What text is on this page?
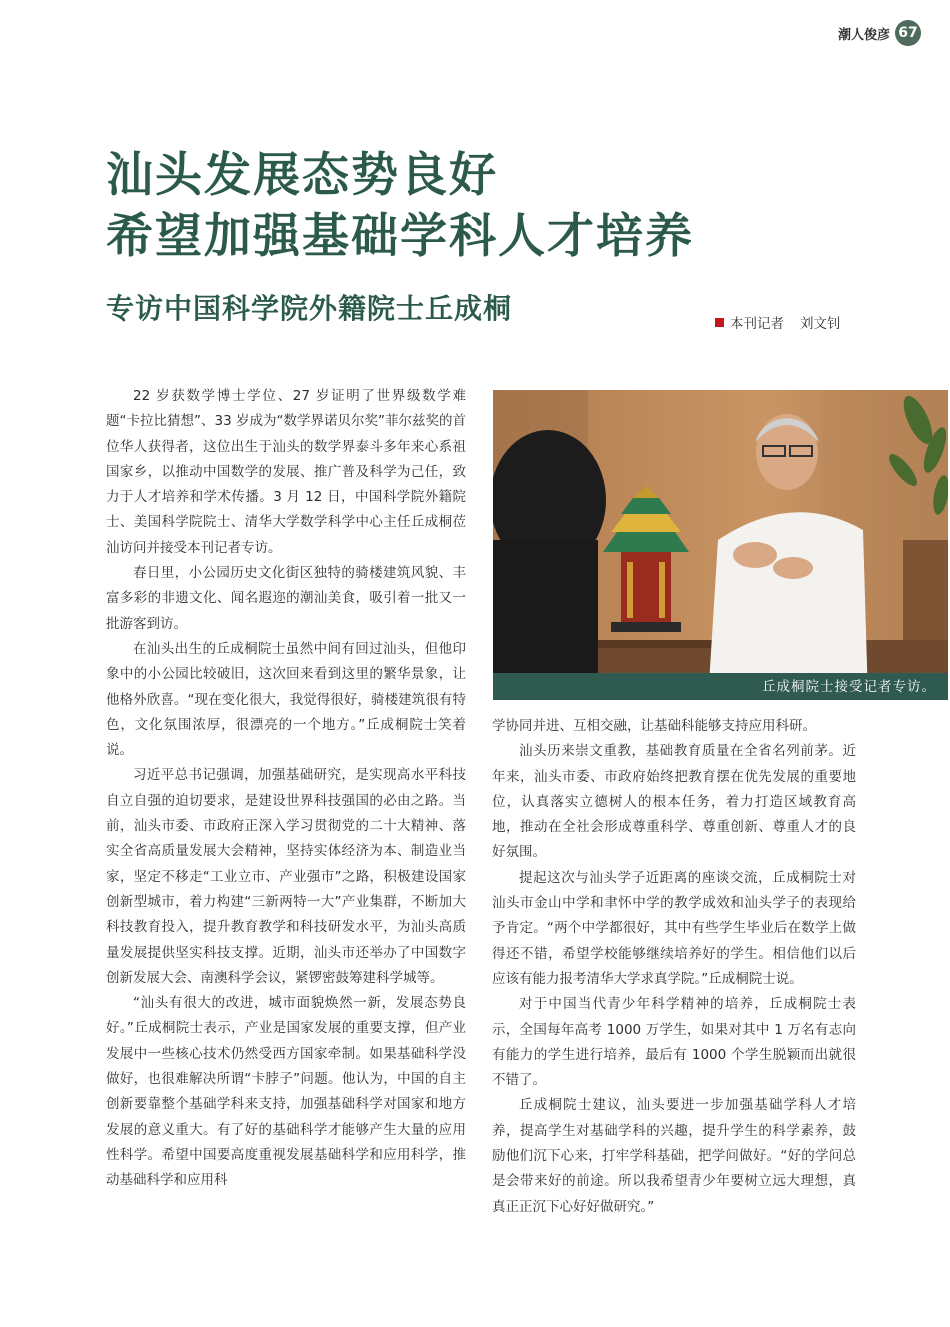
潮人俊彦 67
汕头发展态势良好
希望加强基础学科人才培养
专访中国科学院外籍院士丘成桐	本刊记者 刘文钊

22 岁获数学博士学位、27 岁证明了世界级数学难题“卡拉比猜想”、33 岁成为“数学界诺贝尔奖”菲尔兹奖的首位华人获得者，这位出生于汕头的数学界泰斗多年来心系祖国家乡，以推动中国数学的发展、推广普及科学为己任，致力于人才培养和学术传播。3 月 12 日，中国科学院外籍院士、美国科学院院士、清华大学数学科学中心主任丘成桐莅汕访问并接受本刊记者专访。

春日里，小公园历史文化街区独特的骑楼建筑风貌、丰富多彩的非遗文化、闻名遐迩的潮汕美食，吸引着一批又一批游客到访。

在汕头出生的丘成桐院士虽然中间有回过汕头，但他印象中的小公园比较破旧，这次回来看到这里的繁华景象，让他格外欣喜。“现在变化很大，我觉得很好，骑楼建筑很有特色，文化氛围浓厚，很漂亮的一个地方。”丘成桐院士笑着说。

习近平总书记强调，加强基础研究，是实现高水平科技自立自强的迫切要求，是建设世界科技强国的必由之路。当前，汕头市委、市政府正深入学习贯彻党的二十大精神、落实全省高质量发展大会精神，坚持实体经济为本、制造业当家，坚定不移走“工业立市、产业强市”之路，积极建设国家创新型城市，着力构建“三新两特一大”产业集群，不断加大科技教育投入，提升教育教学和科技研发水平，为汕头高质量发展提供坚实科技支撑。近期，汕头市还举办了中国数字创新发展大会、南澳科学会议，紧锣密鼓筹建科学城等。

“汕头有很大的改进，城市面貌焕然一新，发展态势良好。”丘成桐院士表示，产业是国家发展的重要支撑，但产业发展中一些核心技术仍然受西方国家牵制。如果基础科学没做好，也很难解决所谓“卡脖子”问题。他认为，中国的自主创新要靠整个基础学科来支持，加强基础科学对国家和地方发展的意义重大。有了好的基础科学才能够产生大量的应用性科学。希望中国要高度重视发展基础科学和应用科学，推动基础科学和应用科

丘成桐院士接受记者专访。

学协同并进、互相交融，让基础科能够支持应用科研。

汕头历来崇文重教，基础教育质量在全省名列前茅。近年来，汕头市委、市政府始终把教育摆在优先发展的重要地位，认真落实立德树人的根本任务，着力打造区域教育高地，推动在全社会形成尊重科学、尊重创新、尊重人才的良好氛围。

提起这次与汕头学子近距离的座谈交流，丘成桐院士对汕头市金山中学和聿怀中学的教学成效和汕头学子的表现给予肯定。“两个中学都很好，其中有些学生毕业后在数学上做得还不错，希望学校能够继续培养好的学生。相信他们以后应该有能力报考清华大学求真学院。”丘成桐院士说。

对于中国当代青少年科学精神的培养，丘成桐院士表示，全国每年高考 1000 万学生，如果对其中 1 万名有志向有能力的学生进行培养，最后有 1000 个学生脱颖而出就很不错了。

丘成桐院士建议，汕头要进一步加强基础学科人才培养，提高学生对基础学科的兴趣，提升学生的科学素养，鼓励他们沉下心来，打牢学科基础，把学问做好。“好的学问总是会带来好的前途。所以我希望青少年要树立远大理想，真真正正沉下心好好做研究。”
